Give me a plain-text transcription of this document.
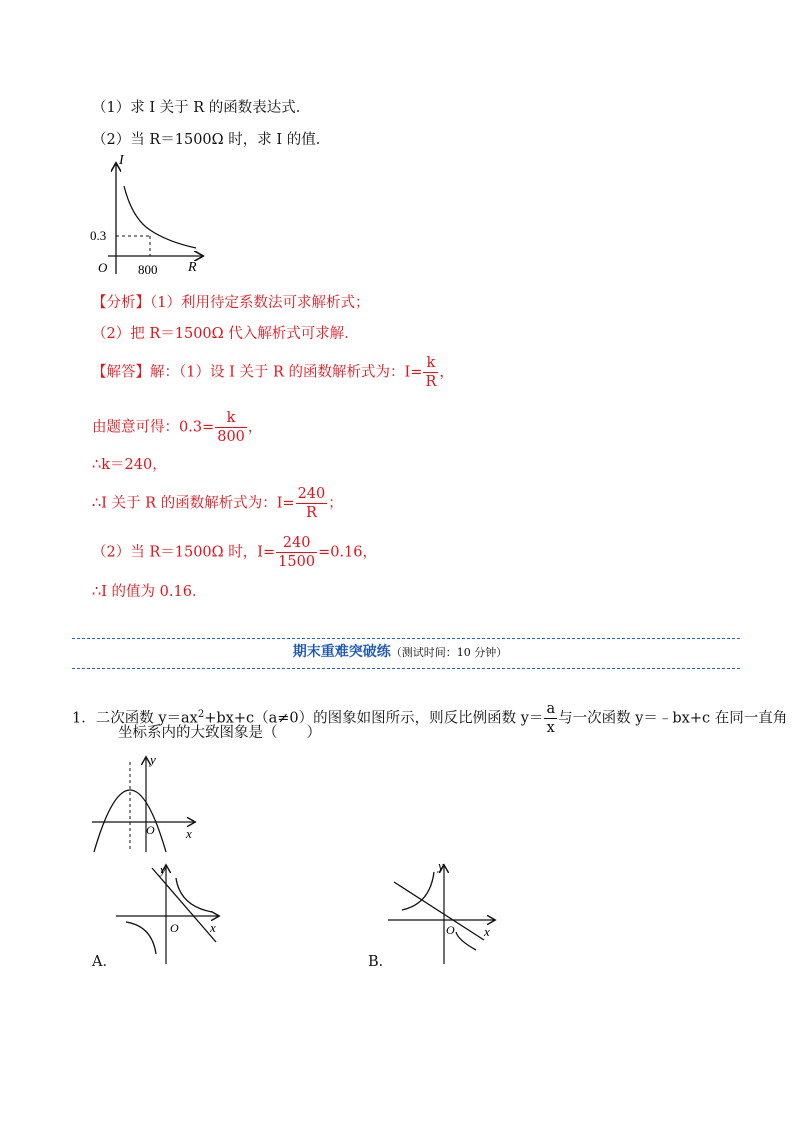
（1）求 I 关于 R 的函数表达式．
（2）当 R＝1500Ω 时，求 I 的值．
I
R
O
0.3
800
【分析】（1）利用待定系数法可求解析式；
（2）把 R＝1500Ω 代入解析式可求解．
【解答】解：（1）设 I 关于 R 的函数解析式为：$I= \frac{k}{R}$ ，
由题意可得：$0.3= \frac{k}{800}$ ，
∴k＝240，
∴I 关于 R 的函数解析式为：$I= \frac{240}{R}$ ；
（2）当 R＝1500Ω 时，$I= \frac{240}{1500} =0.16$，
∴I 的值为 0.16．
期末重难突破练（测试时间：10 分钟）
1．二次函数 $y=ax^2+bx+c(a\ne 0)$的图象如图所示，则反比例函数 $y= \frac{a}{x}$ 与一次函数 y＝﹣bx+c 在同一直角
坐标系内的大致图象是（　　）
y
x
O
y
x
O
A．
y
x
O
B．
